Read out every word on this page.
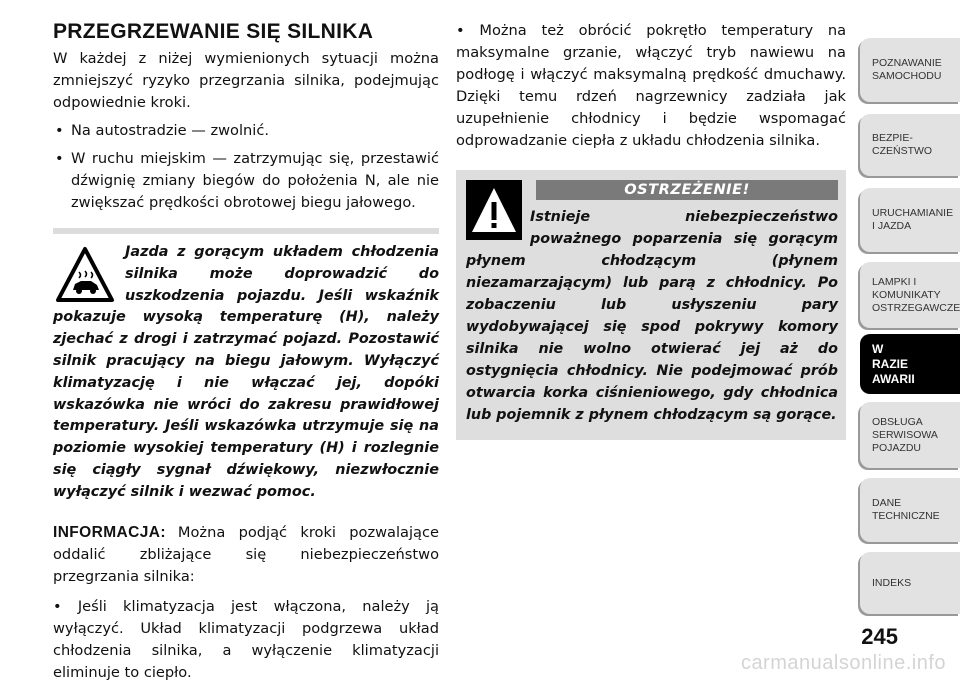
PRZEGRZEWANIE SIĘ SILNIKA

W każdej z niżej wymienionych sytuacji można zmniejszyć ryzyko przegrzania silnika, podejmując odpowiednie kroki.

• Na autostradzie — zwolnić.
• W ruchu miejskim — zatrzymując się, przestawić dźwignię zmiany biegów do położenia N, ale nie zwiększać prędkości obrotowej biegu jałowego.

Jazda z gorącym układem chłodzenia silnika może doprowadzić do uszkodzenia pojazdu. Jeśli wskaźnik pokazuje wysoką temperaturę (H), należy zjechać z drogi i zatrzymać pojazd. Pozostawić silnik pracujący na biegu jałowym. Wyłączyć klimatyzację i nie włączać jej, dopóki wskazówka nie wróci do zakresu prawidłowej temperatury. Jeśli wskazówka utrzymuje się na poziomie wysokiej temperatury (H) i rozlegnie się ciągły sygnał dźwiękowy, niezwłocznie wyłączyć silnik i wezwać pomoc.

INFORMACJA: Można podjąć kroki pozwalające oddalić zbliżające się niebezpieczeństwo przegrzania silnika:

• Jeśli klimatyzacja jest włączona, należy ją wyłączyć. Układ klimatyzacji podgrzewa układ chłodzenia silnika, a wyłączenie klimatyzacji eliminuje to ciepło.

• Można też obrócić pokrętło temperatury na maksymalne grzanie, włączyć tryb nawiewu na podłogę i włączyć maksymalną prędkość dmuchawy. Dzięki temu rdzeń nagrzewnicy zadziała jak uzupełnienie chłodnicy i będzie wspomagać odprowadzanie ciepła z układu chłodzenia silnika.

OSTRZEŻENIE!

Istnieje niebezpieczeństwo poważnego poparzenia się gorącym płynem chłodzącym (płynem niezamarzającym) lub parą z chłodnicy. Po zobaczeniu lub usłyszeniu pary wydobywającej się spod pokrywy komory silnika nie wolno otwierać jej aż do ostygnięcia chłodnicy. Nie podejmować prób otwarcia korka ciśnieniowego, gdy chłodnica lub pojemnik z płynem chłodzącym są gorące.

POZNAWANIE SAMOCHODU
BEZPIE- CZEŃSTWO
URUCHAMIANIE I JAZDA
LAMPKI I KOMUNIKATY OSTRZEGAWCZE
W RAZIE AWARII
OBSŁUGA SERWISOWA POJAZDU
DANE TECHNICZNE
INDEKS
245
carmanualsonline.info
